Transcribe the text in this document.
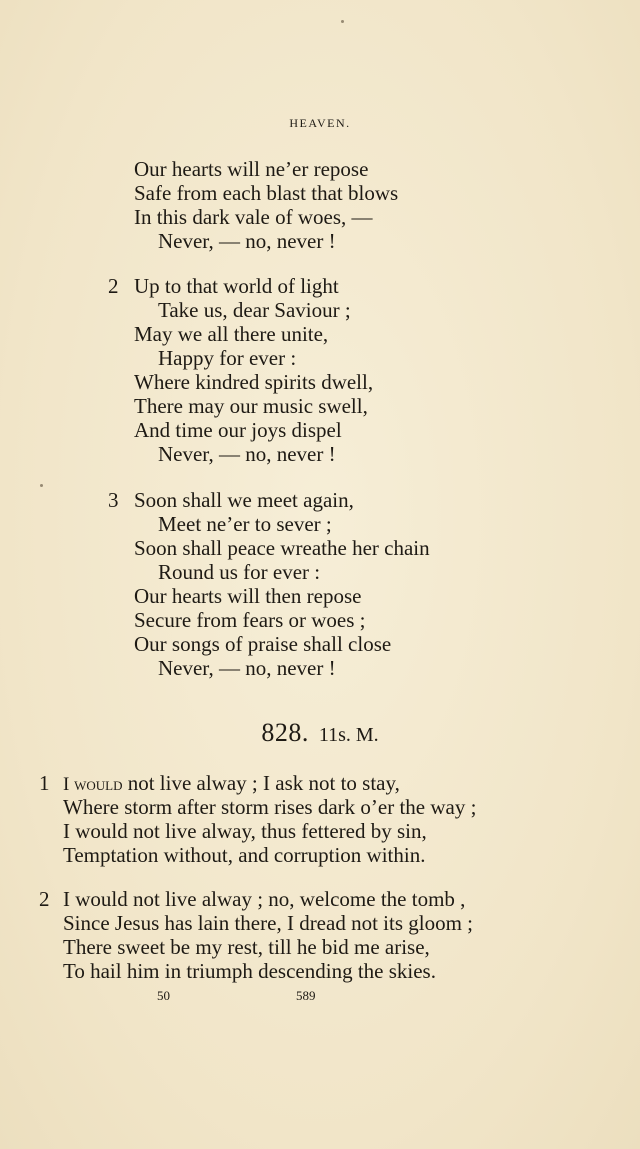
HEAVEN.
Our hearts will ne’er repose
Safe from each blast that blows
In this dark vale of woes, —
Never, — no, never !
2 Up to that world of light
Take us, dear Saviour ;
May we all there unite,
Happy for ever :
Where kindred spirits dwell,
There may our music swell,
And time our joys dispel
Never, — no, never !
3 Soon shall we meet again,
Meet ne’er to sever ;
Soon shall peace wreathe her chain
Round us for ever :
Our hearts will then repose
Secure from fears or woes ;
Our songs of praise shall close
Never, — no, never !
828. 11s. M.
1 I would not live alway ; I ask not to stay,
Where storm after storm rises dark o’er the way ;
I would not live alway, thus fettered by sin,
Temptation without, and corruption within.
2 I would not live alway ; no, welcome the tomb ,
Since Jesus has lain there, I dread not its gloom ;
There sweet be my rest, till he bid me arise,
To hail him in triumph descending the skies.
50	589
